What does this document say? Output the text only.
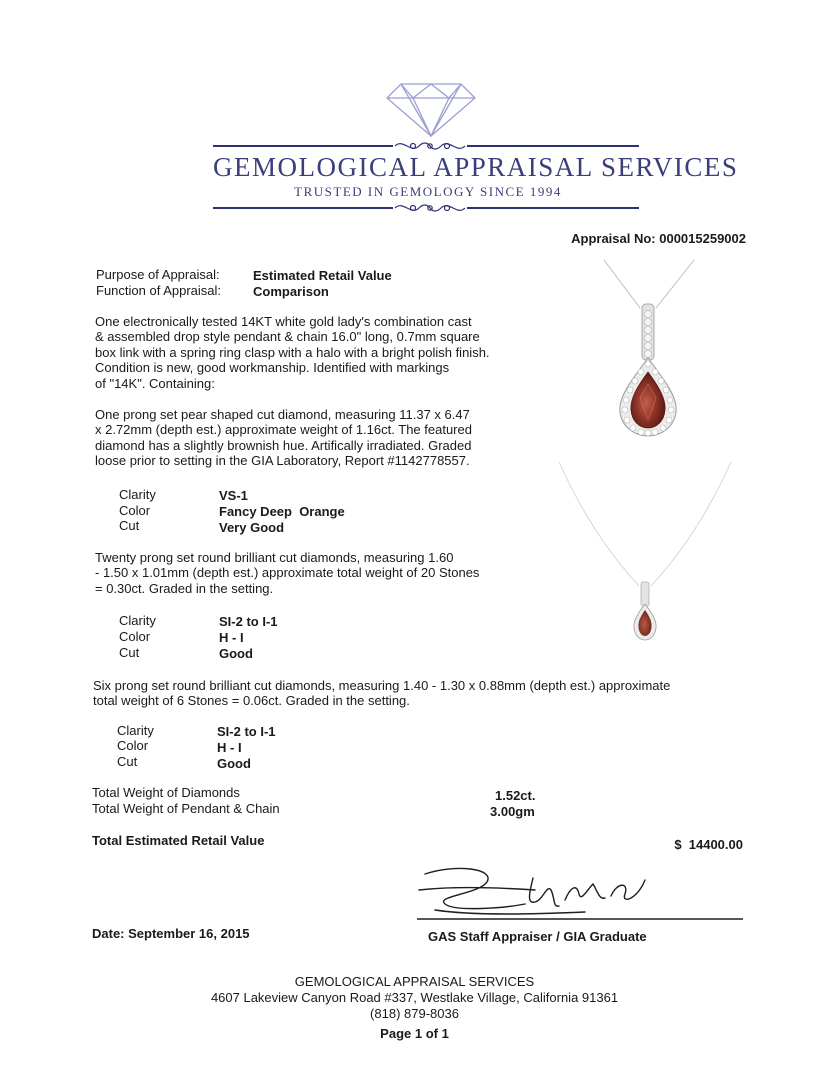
GEMOLOGICAL APPRAISAL SERVICES
TRUSTED IN GEMOLOGY SINCE 1994
Appraisal No: 000015259002
Purpose of Appraisal:	Estimated Retail Value
Function of Appraisal: Comparison
One electronically tested 14KT white gold lady's combination cast
& assembled drop style pendant & chain 16.0" long, 0.7mm square
box link with a spring ring clasp with a halo with a bright polish finish.
Condition is new, good workmanship. Identified with markings
of "14K". Containing:
One prong set pear shaped cut diamond, measuring 11.37 x 6.47
x 2.72mm (depth est.) approximate weight of 1.16ct. The featured
diamond has a slightly brownish hue. Artifically irradiated. Graded
loose prior to setting in the GIA Laboratory, Report #1142778557.
Clarity	VS-1
Color	Fancy Deep  Orange
Cut	Very Good
Twenty prong set round brilliant cut diamonds, measuring 1.60
- 1.50 x 1.01mm (depth est.) approximate total weight of 20 Stones
= 0.30ct. Graded in the setting.
Clarity	SI-2 to I-1
Color	H - I
Cut	Good
Six prong set round brilliant cut diamonds, measuring 1.40 - 1.30 x 0.88mm (depth est.) approximate
total weight of 6 Stones = 0.06ct. Graded in the setting.
Clarity	SI-2 to I-1
Color	H - I
Cut	Good
Total Weight of Diamonds	1.52ct.
Total Weight of Pendant & Chain	3.00gm
Total Estimated Retail Value	$  14400.00
Date: September 16, 2015	GAS Staff Appraiser / GIA Graduate
GEMOLOGICAL APPRAISAL SERVICES
4607 Lakeview Canyon Road #337, Westlake Village, California 91361
(818) 879-8036
Page 1 of 1
